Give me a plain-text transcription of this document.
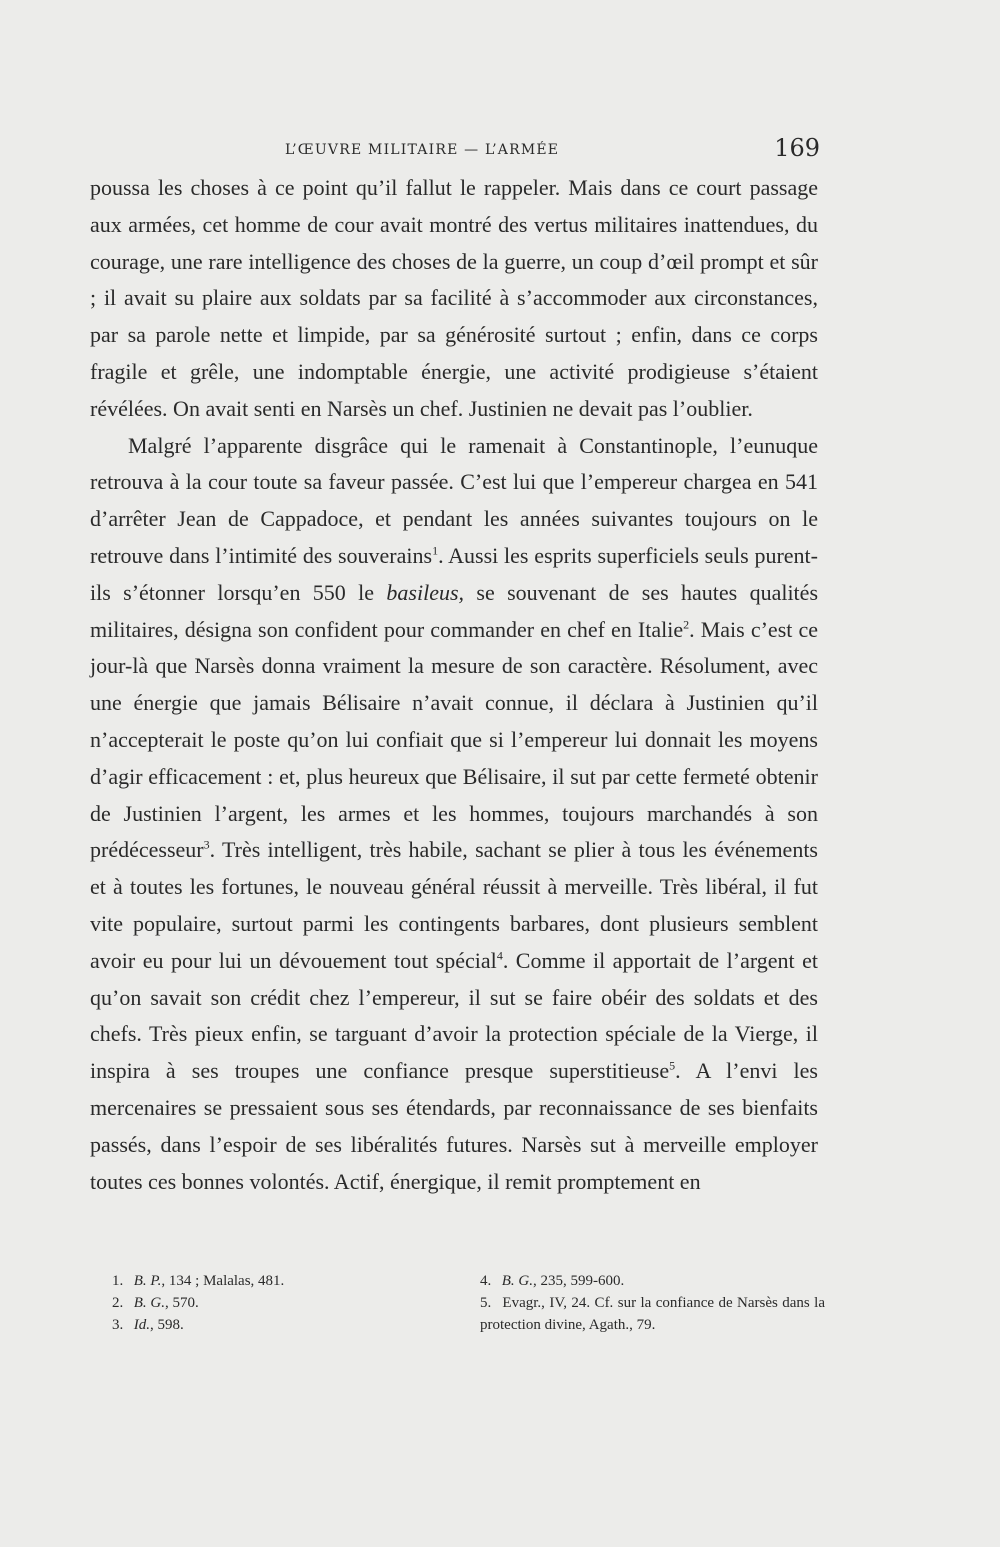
L’ŒUVRE MILITAIRE — L’ARMÉE	169

poussa les choses à ce point qu’il fallut le rappeler. Mais dans ce court passage aux armées, cet homme de cour avait montré des vertus militaires inattendues, du courage, une rare intelligence des choses de la guerre, un coup d’œil prompt et sûr ; il avait su plaire aux soldats par sa facilité à s’accommoder aux circonstances, par sa parole nette et limpide, par sa générosité surtout ; enfin, dans ce corps fragile et grêle, une indomptable énergie, une activité prodigieuse s’étaient révélées. On avait senti en Narsès un chef. Justinien ne devait pas l’oublier.

Malgré l’apparente disgrâce qui le ramenait à Constantinople, l’eunuque retrouva à la cour toute sa faveur passée. C’est lui que l’empereur chargea en 541 d’arrêter Jean de Cappadoce, et pendant les années suivantes toujours on le retrouve dans l’intimité des souverains$^1$. Aussi les esprits superficiels seuls purent-ils s’étonner lorsqu’en 550 le basileus, se souvenant de ses hautes qualités militaires, désigna son confident pour commander en chef en Italie$^2$. Mais c’est ce jour-là que Narsès donna vraiment la mesure de son caractère. Résolument, avec une énergie que jamais Bélisaire n’avait connue, il déclara à Justinien qu’il n’accepterait le poste qu’on lui confiait que si l’empereur lui donnait les moyens d’agir efficacement : et, plus heureux que Bélisaire, il sut par cette fermeté obtenir de Justinien l’argent, les armes et les hommes, toujours marchandés à son prédécesseur$^3$. Très intelligent, très habile, sachant se plier à tous les événements et à toutes les fortunes, le nouveau général réussit à merveille. Très libéral, il fut vite populaire, surtout parmi les contingents barbares, dont plusieurs semblent avoir eu pour lui un dévouement tout spécial$^4$. Comme il apportait de l’argent et qu’on savait son crédit chez l’empereur, il sut se faire obéir des soldats et des chefs. Très pieux enfin, se targuant d’avoir la protection spéciale de la Vierge, il inspira à ses troupes une confiance presque superstitieuse$^5$. A l’envi les mercenaires se pressaient sous ses étendards, par reconnaissance de ses bienfaits passés, dans l’espoir de ses libéralités futures. Narsès sut à merveille employer toutes ces bonnes volontés. Actif, énergique, il remit promptement en

1. B. P., 134 ; Malalas, 481.
2. B. G., 570.
3. Id., 598.
4. B. G., 235, 599-600.
5. Evagr., IV, 24. Cf. sur la confiance de Narsès dans la protection divine, Agath., 79.
